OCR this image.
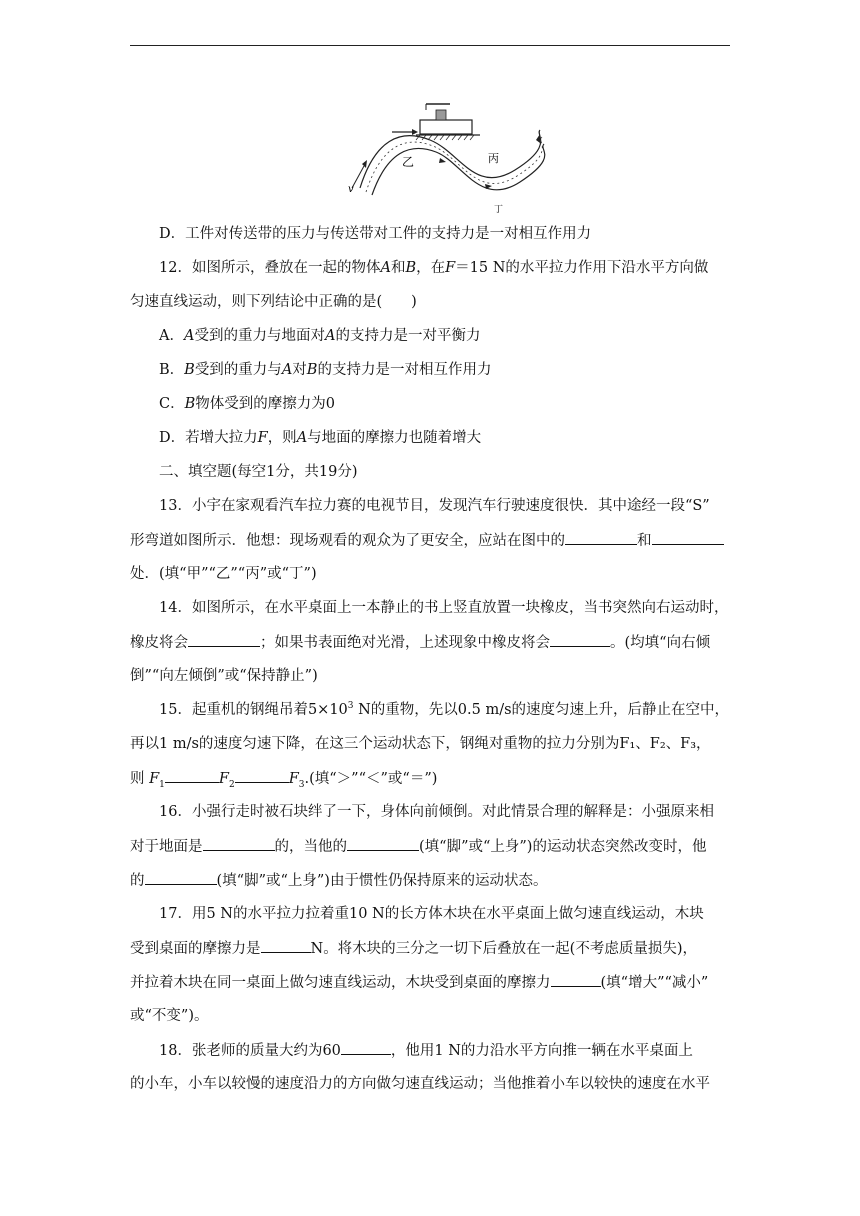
乙	丙
丁
v
D．工件对传送带的压力与传送带对工件的支持力是一对相互作用力
12．如图所示，叠放在一起的物体A和B，在F＝15 N的水平拉力作用下沿水平方向做
匀速直线运动，则下列结论中正确的是(　　)
A．A受到的重力与地面对A的支持力是一对平衡力
B．B受到的重力与A对B的支持力是一对相互作用力
C．B物体受到的摩擦力为0
D．若增大拉力F，则A与地面的摩擦力也随着增大
二、填空题(每空1分，共19分)
13．小宇在家观看汽车拉力赛的电视节目，发现汽车行驶速度很快．其中途经一段“S”
形弯道如图所示．他想：现场观看的观众为了更安全，应站在图中的	和
处．(填“甲”“乙”“丙”或“丁”)
14．如图所示，在水平桌面上一本静止的书上竖直放置一块橡皮，当书突然向右运动时，
橡皮将会	；如果书表面绝对光滑，上述现象中橡皮将会	。(均填“向右倾
倒”“向左倾倒”或“保持静止”)
15．起重机的钢绳吊着$5\times 10^3$ N的重物，先以0.5 m/s的速度匀速上升，后静止在空中，
再以1 m/s的速度匀速下降，在这三个运动状态下，钢绳对重物的拉力分别为F₁、F₂、F₃，
则 $F_1$	$F_2$	$F_3$.(填“＞”“＜”或“＝”)
16．小强行走时被石块绊了一下，身体向前倾倒。对此情景合理的解释是：小强原来相
对于地面是	的，当他的	(填“脚”或“上身”)的运动状态突然改变时，他
的	(填“脚”或“上身”)由于惯性仍保持原来的运动状态。
17．用5 N的水平拉力拉着重10 N的长方体木块在水平桌面上做匀速直线运动，木块
受到桌面的摩擦力是	N。将木块的三分之一切下后叠放在一起(不考虑质量损失)，
并拉着木块在同一桌面上做匀速直线运动，木块受到桌面的摩擦力	(填“增大”“减小”
或“不变”)。
18．张老师的质量大约为60	，他用1 N的力沿水平方向推一辆在水平桌面上
的小车，小车以较慢的速度沿力的方向做匀速直线运动；当他推着小车以较快的速度在水平
